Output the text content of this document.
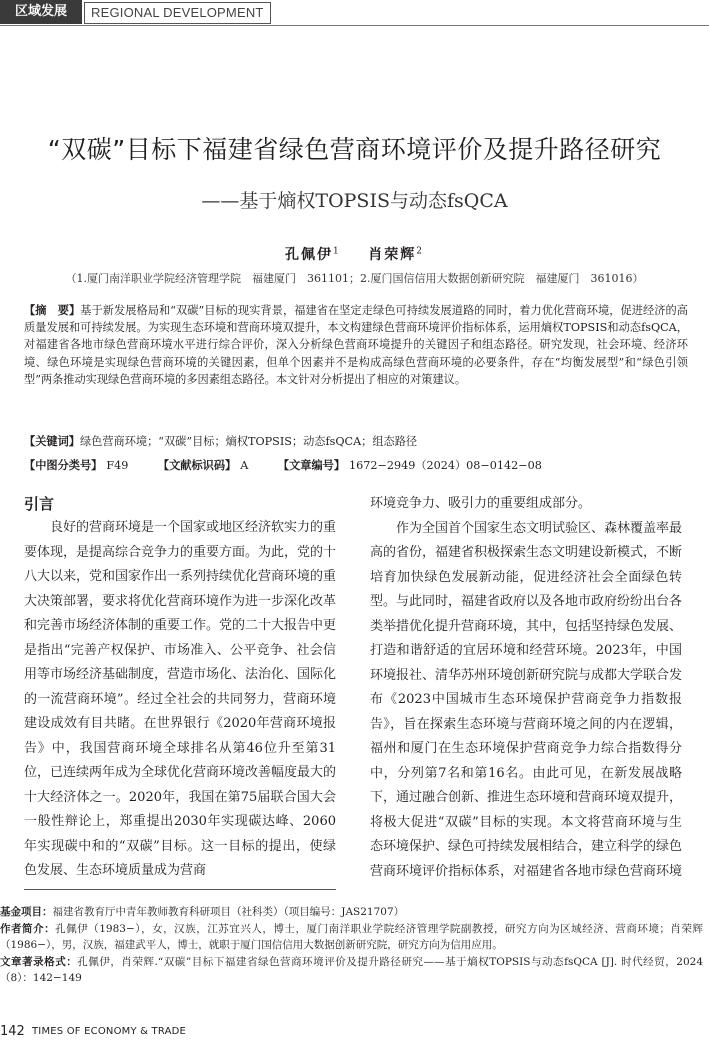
区域发展	REGIONAL DEVELOPMENT
“双碳”目标下福建省绿色营商环境评价及提升路径研究
——基于熵权TOPSIS与动态fsQCA
孔佩伊$^1$ 肖荣辉$^2$
（1.厦门南洋职业学院经济管理学院　福建厦门　361101；2.厦门国信信用大数据创新研究院　福建厦门　361016）
【摘　要】基于新发展格局和“双碳”目标的现实背景，福建省在坚定走绿色可持续发展道路的同时，着力优化营商环境，促进经济的高质量发展和可持续发展。为实现生态环境和营商环境双提升，本文构建绿色营商环境评价指标体系，运用熵权TOPSIS和动态fsQCA，对福建省各地市绿色营商环境水平进行综合评价，深入分析绿色营商环境提升的关键因子和组态路径。研究发现，社会环境、经济环境、绿色环境是实现绿色营商环境的关键因素，但单个因素并不是构成高绿色营商环境的必要条件，存在“均衡发展型”和“绿色引领型”两条推动实现绿色营商环境的多因素组态路径。本文针对分析提出了相应的对策建议。
【关键词】绿色营商环境；“双碳”目标；熵权TOPSIS；动态fsQCA；组态路径
【中图分类号】 F49	【文献标识码】 A	【文章编号】 1672−2949（2024）08−0142−08
引言

良好的营商环境是一个国家或地区经济软实力的重要体现，是提高综合竞争力的重要方面。为此，党的十八大以来，党和国家作出一系列持续优化营商环境的重大决策部署，要求将优化营商环境作为进一步深化改革和完善市场经济体制的重要工作。党的二十大报告中更是指出“完善产权保护、市场准入、公平竞争、社会信用等市场经济基础制度，营造市场化、法治化、国际化的一流营商环境”。经过全社会的共同努力，营商环境建设成效有目共睹。在世界银行《2020年营商环境报告》中，我国营商环境全球排名从第46位升至第31位，已连续两年成为全球优化营商环境改善幅度最大的十大经济体之一。2020年，我国在第75届联合国大会一般性辩论上，郑重提出2030年实现碳达峰、2060年实现碳中和的“双碳”目标。这一目标的提出，使绿色发展、生态环境质量成为营商

环境竞争力、吸引力的重要组成部分。

作为全国首个国家生态文明试验区、森林覆盖率最高的省份，福建省积极探索生态文明建设新模式，不断培育加快绿色发展新动能，促进经济社会全面绿色转型。与此同时，福建省政府以及各地市政府纷纷出台各类举措优化提升营商环境，其中，包括坚持绿色发展、打造和谐舒适的宜居环境和经营环境。2023年，中国环境报社、清华苏州环境创新研究院与成都大学联合发布《2023中国城市生态环境保护营商竞争力指数报告》，旨在探索生态环境与营商环境之间的内在逻辑，福州和厦门在生态环境保护营商竞争力综合指数得分中，分列第7名和第16名。由此可见，在新发展战略下，通过融合创新、推进生态环境和营商环境双提升，将极大促进“双碳”目标的实现。本文将营商环境与生态环境保护、绿色可持续发展相结合，建立科学的绿色营商环境评价指标体系，对福建省各地市绿色营商环境

基金项目：福建省教育厅中青年教师教育科研项目（社科类）（项目编号：JAS21707）

作者简介：孔佩伊（1983−），女，汉族，江苏宜兴人，博士，厦门南洋职业学院经济管理学院副教授，研究方向为区域经济、营商环境；肖荣辉（1986−），男，汉族，福建武平人，博士，就职于厦门国信信用大数据创新研究院，研究方向为信用应用。

文章著录格式：孔佩伊，肖荣辉.“双碳”目标下福建省绿色营商环境评价及提升路径研究——基于熵权TOPSIS与动态fsQCA [J]. 时代经贸，2024（8）：142−149

142 TIMES OF ECONOMY & TRADE
